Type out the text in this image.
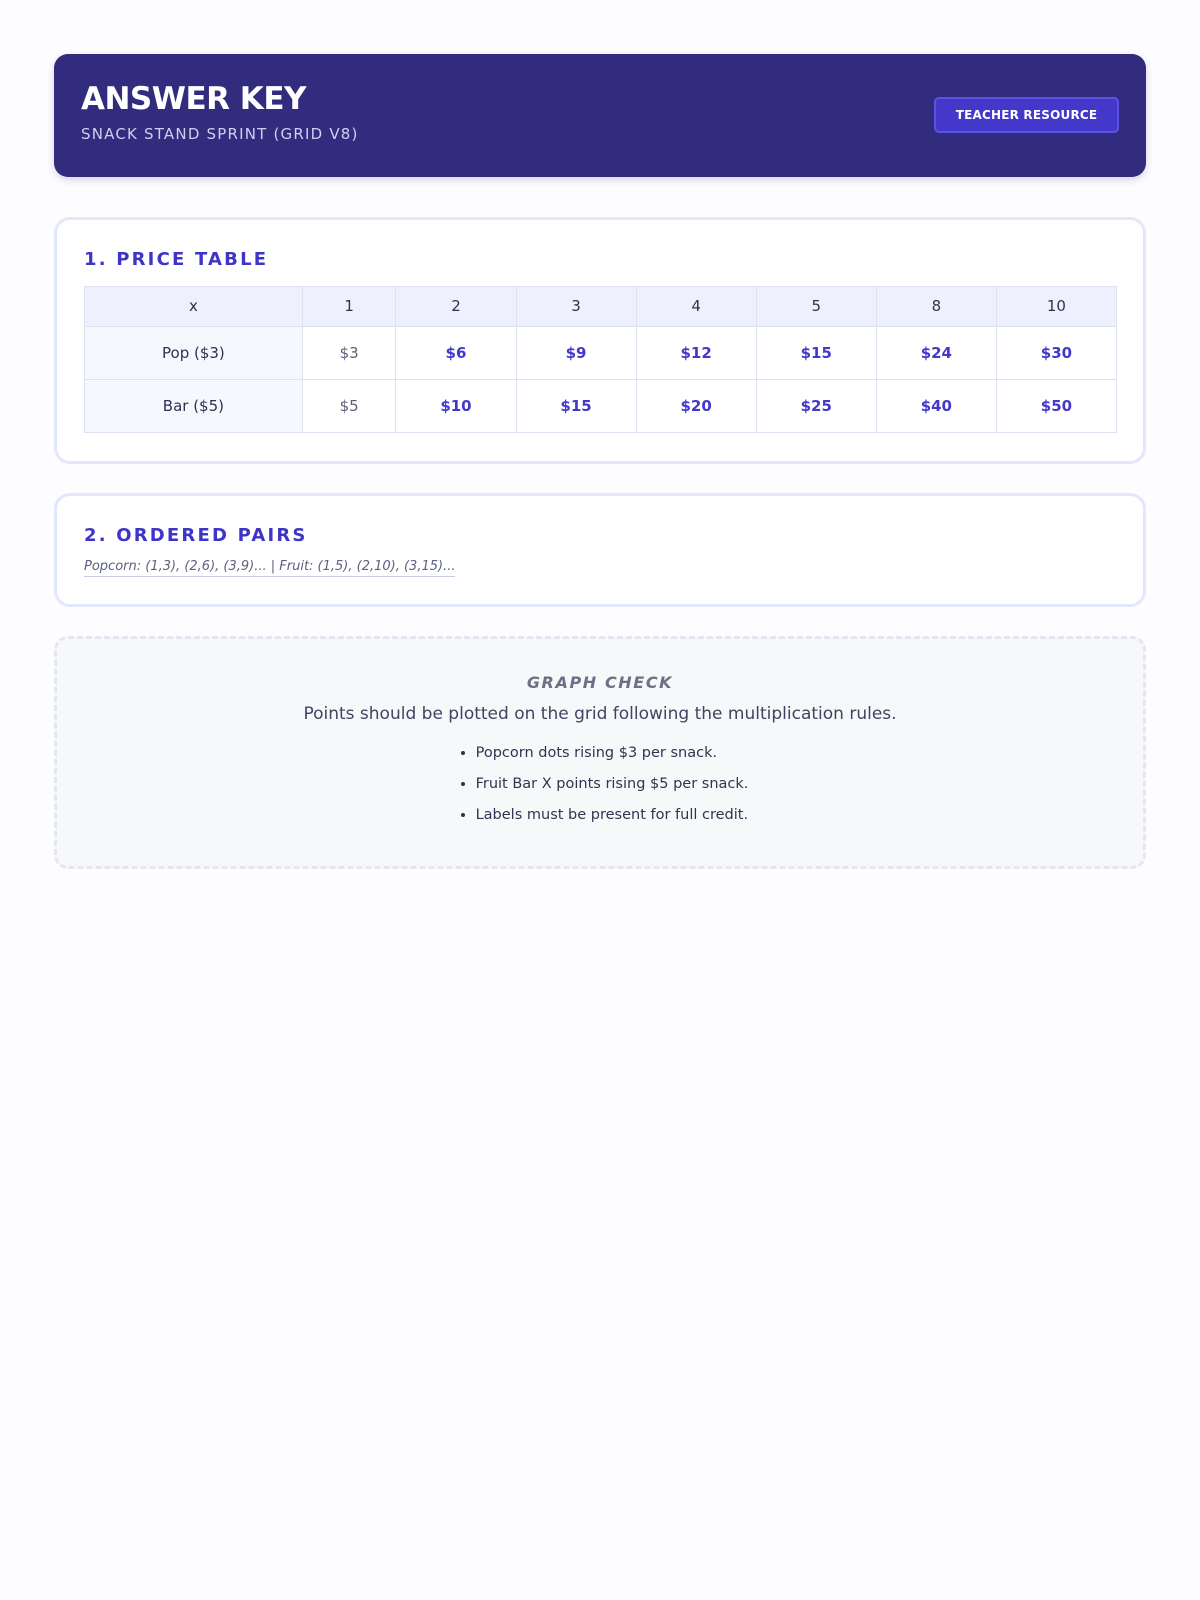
ANSWER KEY
SNACK STAND SPRINT (GRID V8)
TEACHER RESOURCE
1. PRICE TABLE
x	1	2	3	4	5	8	10
Pop ($3)	$3	$6	$9	$12	$15	$24	$30
Bar ($5)	$5	$10	$15	$20	$25	$40	$50
2. ORDERED PAIRS
Popcorn: (1,3), (2,6), (3,9)... | Fruit: (1,5), (2,10), (3,15)...
GRAPH CHECK
Points should be plotted on the grid following the multiplication rules.
• Popcorn dots rising $3 per snack.
• Fruit Bar X points rising $5 per snack.
• Labels must be present for full credit.
